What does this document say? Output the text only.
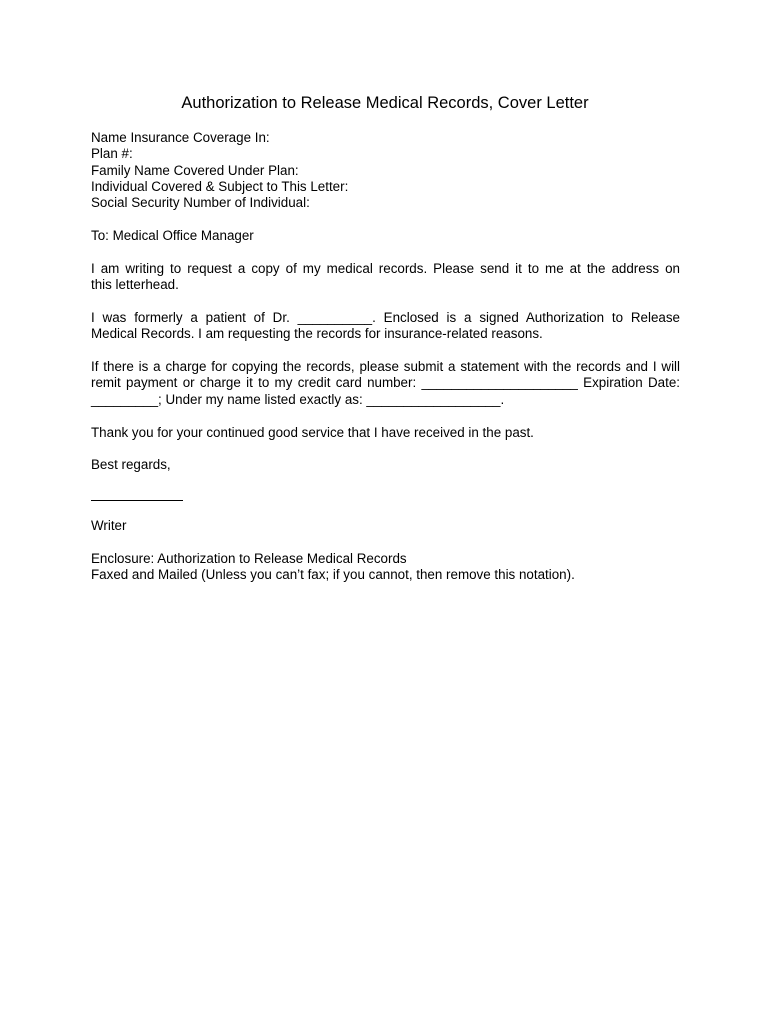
Authorization to Release Medical Records, Cover Letter
Name Insurance Coverage In:
Plan #:
Family Name Covered Under Plan:
Individual Covered & Subject to This Letter:
Social Security Number of Individual:
To: Medical Office Manager
I am writing to request a copy of my medical records. Please send it to me at the address on
this letterhead.
I was formerly a patient of Dr. __________. Enclosed is a signed Authorization to Release
Medical Records. I am requesting the records for insurance-related reasons.
If there is a charge for copying the records, please submit a statement with the records and I will
remit payment or charge it to my credit card number: _____________________ Expiration Date:
_________; Under my name listed exactly as: __________________.
Thank you for your continued good service that I have received in the past.
Best regards,
Writer
Enclosure: Authorization to Release Medical Records
Faxed and Mailed (Unless you can’t fax; if you cannot, then remove this notation).
